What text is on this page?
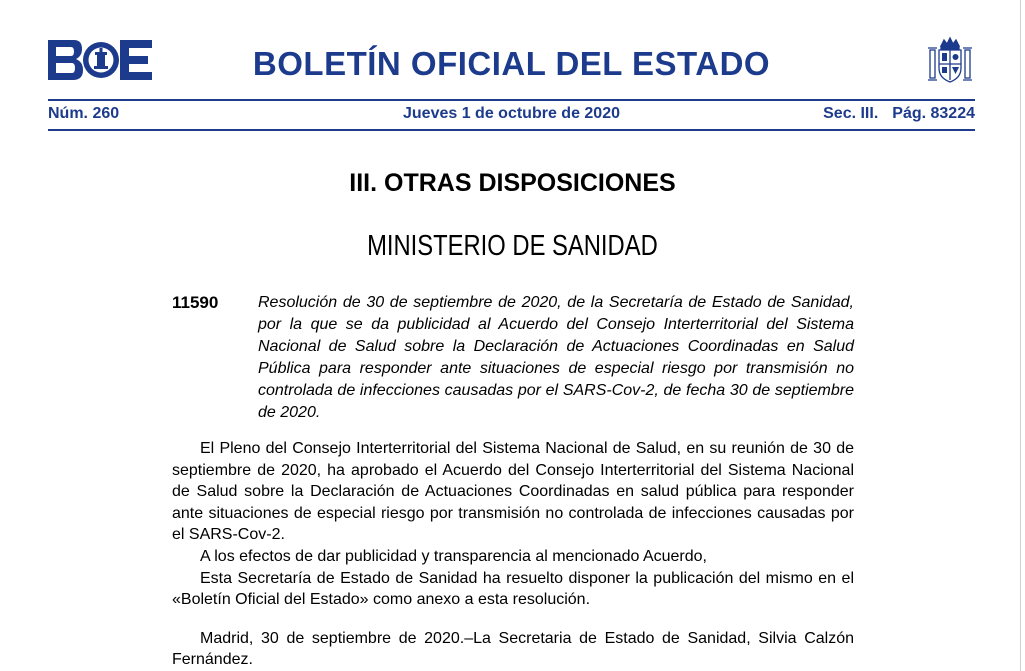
BOLETÍN OFICIAL DEL ESTADO
Núm. 260	Jueves 1 de octubre de 2020	Sec. III. Pág. 83224
III. OTRAS DISPOSICIONES
MINISTERIO DE SANIDAD
11590 Resolución de 30 de septiembre de 2020, de la Secretaría de Estado de Sanidad, por la que se da publicidad al Acuerdo del Consejo Interterritorial del Sistema Nacional de Salud sobre la Declaración de Actuaciones Coordinadas en Salud Pública para responder ante situaciones de especial riesgo por transmisión no controlada de infecciones causadas por el SARS-Cov-2, de fecha 30 de septiembre de 2020.

El Pleno del Consejo Interterritorial del Sistema Nacional de Salud, en su reunión de 30 de septiembre de 2020, ha aprobado el Acuerdo del Consejo Interterritorial del Sistema Nacional de Salud sobre la Declaración de Actuaciones Coordinadas en salud pública para responder ante situaciones de especial riesgo por transmisión no controlada de infecciones causadas por el SARS-Cov-2.

A los efectos de dar publicidad y transparencia al mencionado Acuerdo,

Esta Secretaría de Estado de Sanidad ha resuelto disponer la publicación del mismo en el «Boletín Oficial del Estado» como anexo a esta resolución.

Madrid, 30 de septiembre de 2020.–La Secretaria de Estado de Sanidad, Silvia Calzón Fernández.
